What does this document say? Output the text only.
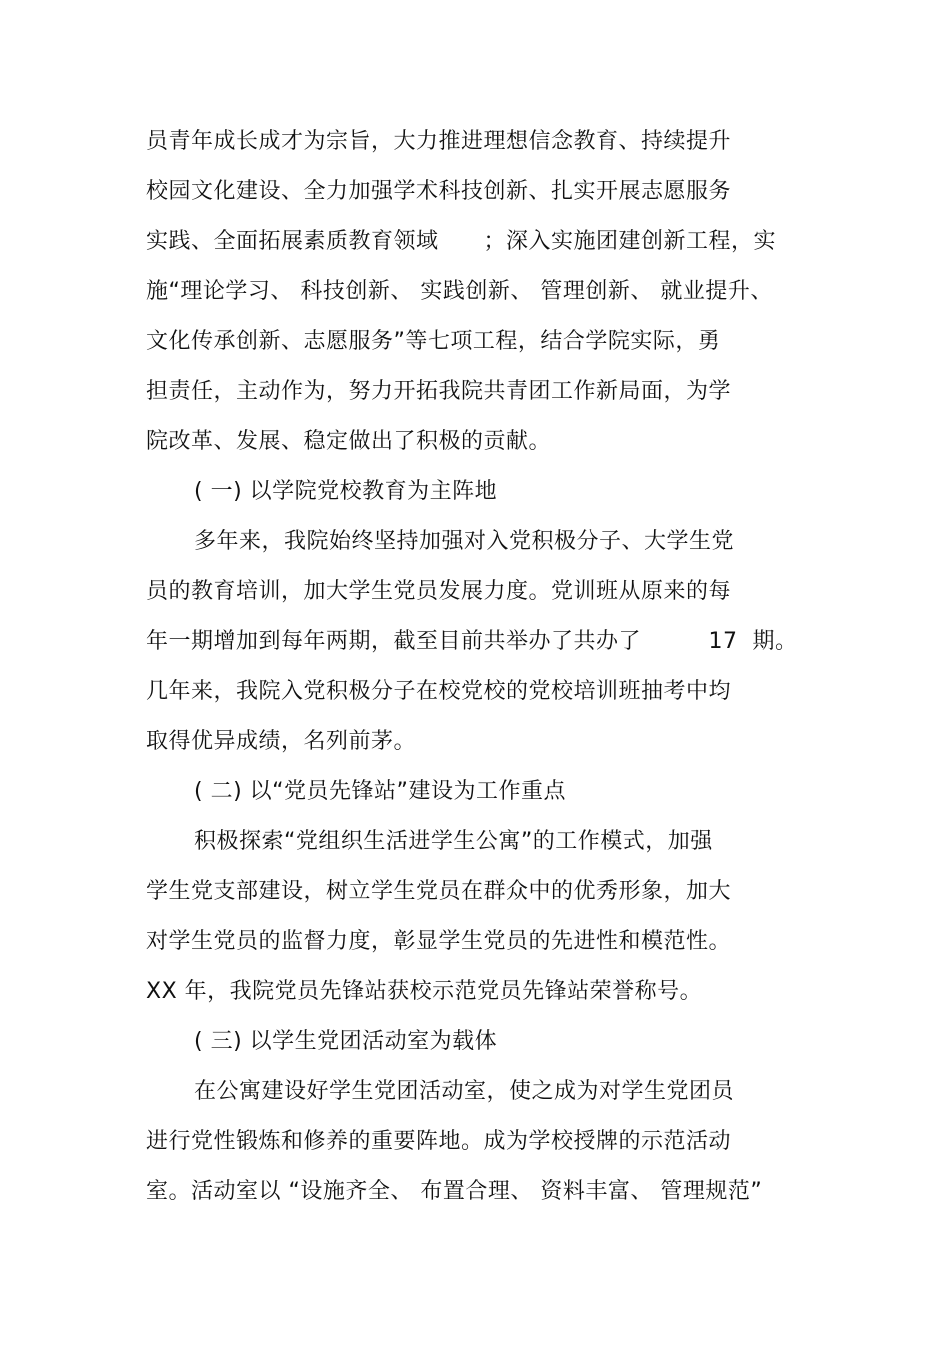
员青年成长成才为宗旨，大力推进理想信念教育、持续提升
校园文化建设、全力加强学术科技创新、扎实开展志愿服务
实践、全面拓展素质教育领域　　；深入实施团建创新工程，实
施“理论学习、 科技创新、 实践创新、 管理创新、 就业提升、
文化传承创新、志愿服务”等七项工程，结合学院实际，勇
担责任，主动作为，努力开拓我院共青团工作新局面，为学
院改革、发展、稳定做出了积极的贡献。
( 一) 以学院党校教育为主阵地
多年来，我院始终坚持加强对入党积极分子、大学生党
员的教育培训，加大学生党员发展力度。党训班从原来的每
年一期增加到每年两期，截至目前共举办了共办了　　　17  期。
几年来，我院入党积极分子在校党校的党校培训班抽考中均
取得优异成绩，名列前茅。
( 二) 以“党员先锋站”建设为工作重点
积极探索“党组织生活进学生公寓”的工作模式，加强
学生党支部建设，树立学生党员在群众中的优秀形象，加大
对学生党员的监督力度，彰显学生党员的先进性和模范性。
XX 年，我院党员先锋站获校示范党员先锋站荣誉称号。
( 三) 以学生党团活动室为载体
在公寓建设好学生党团活动室，使之成为对学生党团员
进行党性锻炼和修养的重要阵地。成为学校授牌的示范活动
室。活动室以 “设施齐全、 布置合理、 资料丰富、 管理规范”
